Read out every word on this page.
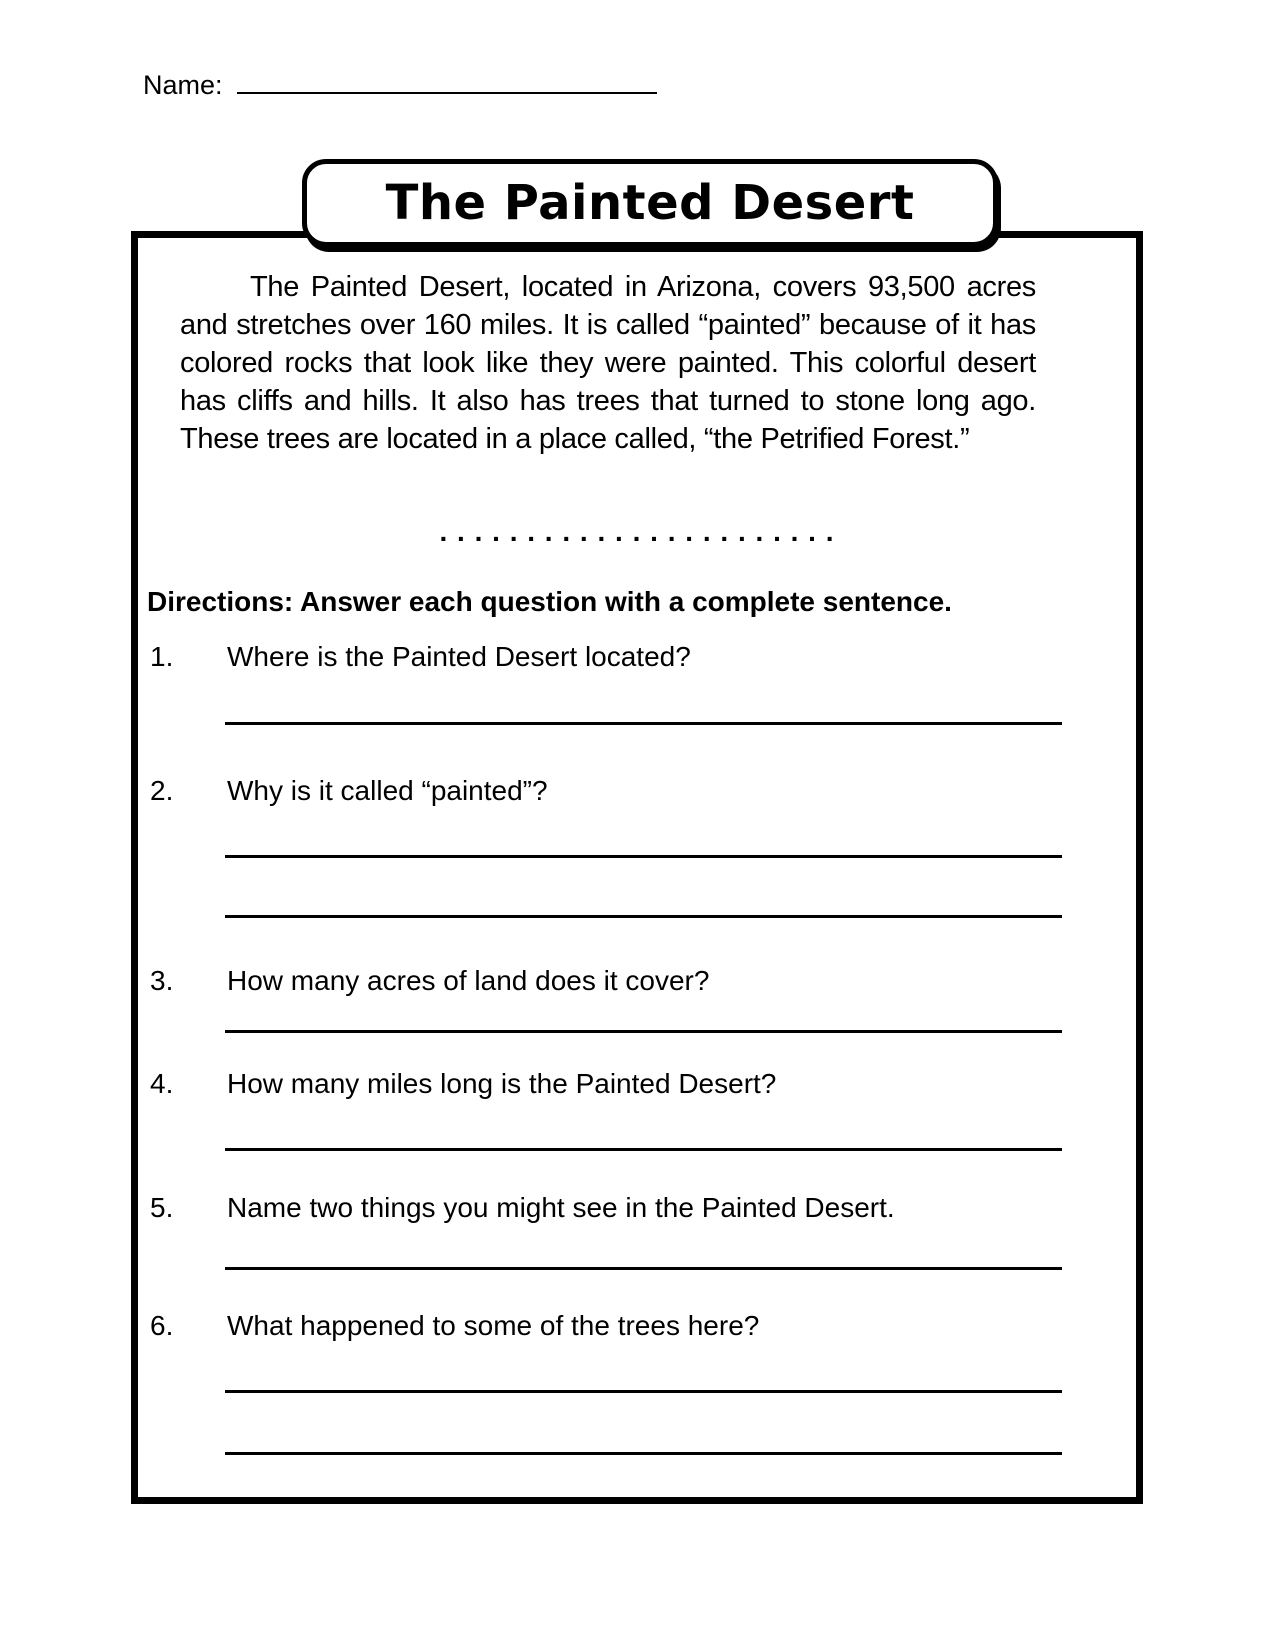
Name:
The Painted Desert
The Painted Desert, located in Arizona, covers 93,500 acres and stretches over 160 miles. It is called “painted” because of it has colored rocks that look like they were painted. This colorful desert has cliffs and hills. It also has trees that turned to stone long ago. These trees are located in a place called, “the Petrified Forest.”
. . . . . . . . . . . . . . . . . . . . . . .
Directions: Answer each question with a complete sentence.
1. Where is the Painted Desert located?
2. Why is it called “painted”?
3. How many acres of land does it cover?
4. How many miles long is the Painted Desert?
5. Name two things you might see in the Painted Desert.
6. What happened to some of the trees here?
